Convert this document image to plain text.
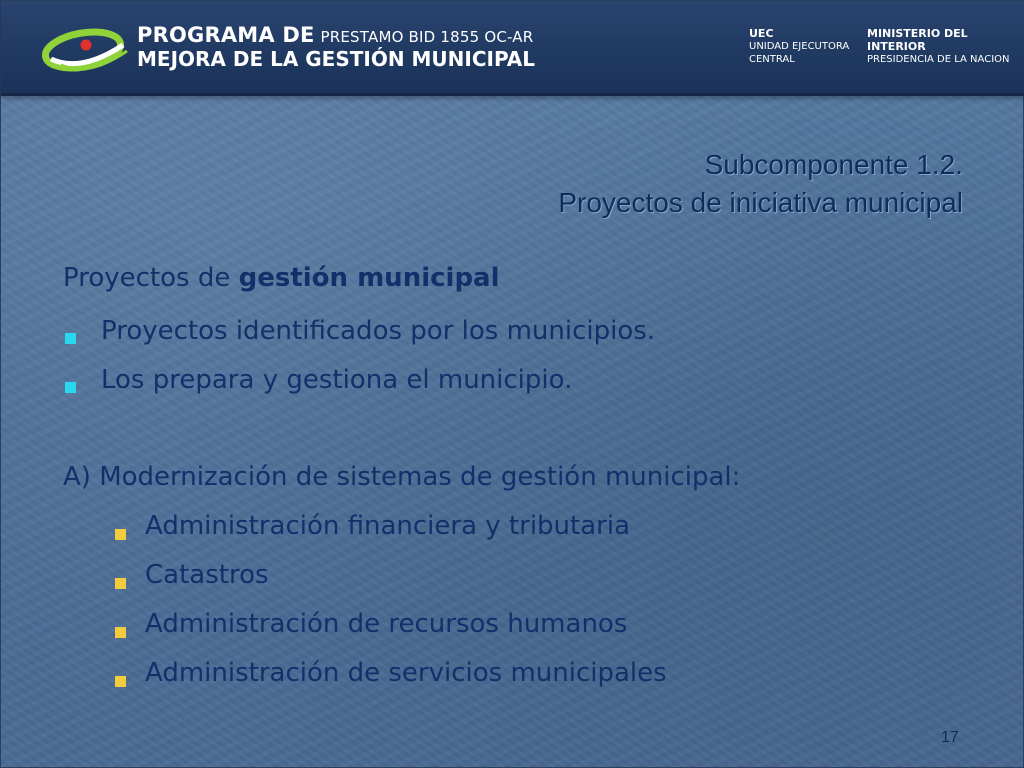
PROGRAMA DE PRESTAMO BID 1855 OC-AR
MEJORA DE LA GESTIÓN MUNICIPAL
UEC
UNIDAD EJECUTORA
CENTRAL
MINISTERIO DEL
INTERIOR
PRESIDENCIA DE LA NACION
Subcomponente 1.2.
Proyectos de iniciativa municipal
Proyectos de gestión municipal
Proyectos identificados por los municipios.
Los prepara y gestiona el municipio.
A) Modernización de sistemas de gestión municipal:
Administración financiera y tributaria
Catastros
Administración de recursos humanos
Administración de servicios municipales
17
